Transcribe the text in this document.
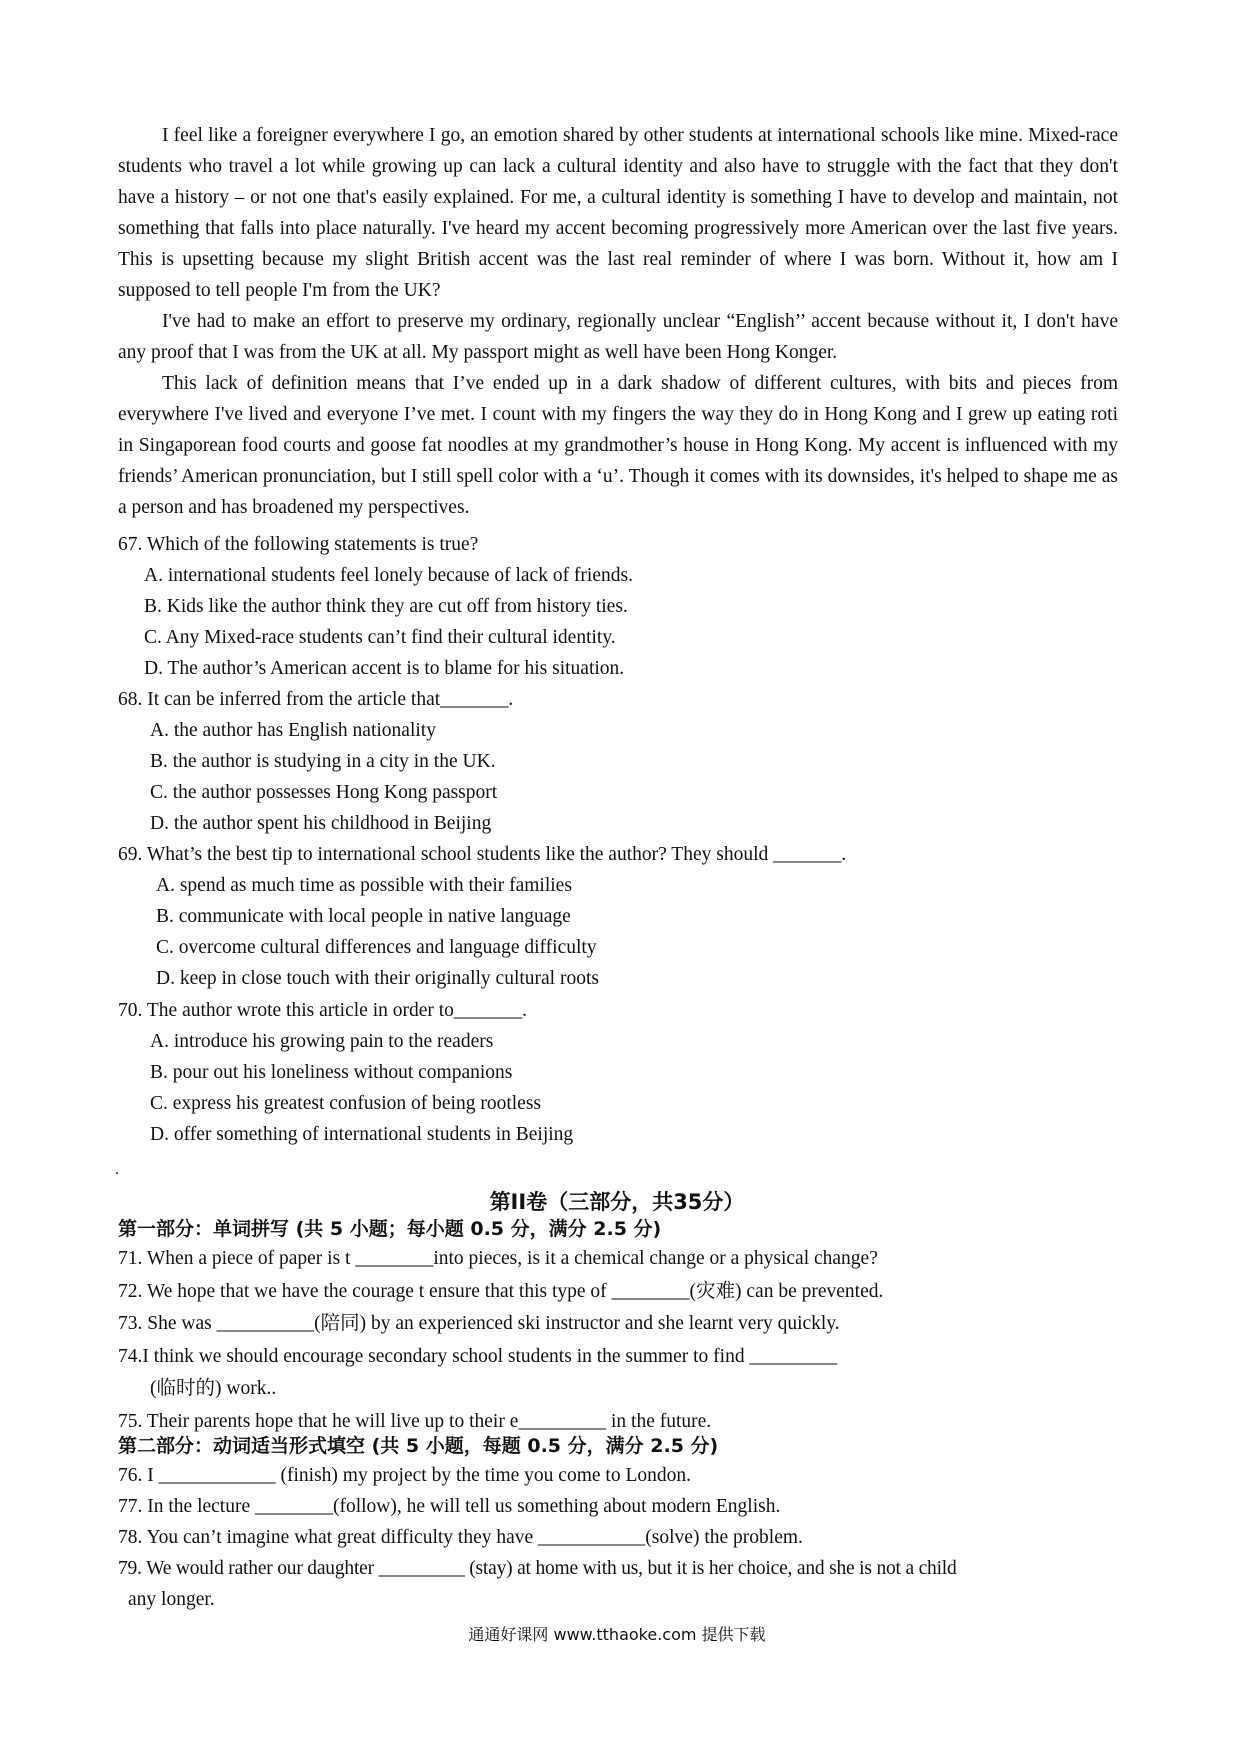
I feel like a foreigner everywhere I go, an emotion shared by other students at international schools like mine. Mixed-race students who travel a lot while growing up can lack a cultural identity and also have to struggle with the fact that they don't have a history – or not one that's easily explained. For me, a cultural identity is something I have to develop and maintain, not something that falls into place naturally. I've heard my accent becoming progressively more American over the last five years. This is upsetting because my slight British accent was the last real reminder of where I was born. Without it, how am I supposed to tell people I'm from the UK?

I've had to make an effort to preserve my ordinary, regionally unclear “English’’ accent because without it, I don't have any proof that I was from the UK at all. My passport might as well have been Hong Konger.

This lack of definition means that I’ve ended up in a dark shadow of different cultures, with bits and pieces from everywhere I've lived and everyone I’ve met. I count with my fingers the way they do in Hong Kong and I grew up eating roti in Singaporean food courts and goose fat noodles at my grandmother’s house in Hong Kong. My accent is influenced with my friends’ American pronunciation, but I still spell color with a ‘u’. Though it comes with its downsides, it's helped to shape me as a person and has broadened my perspectives.

67. Which of the following statements is true?

A. international students feel lonely because of lack of friends.

B. Kids like the author think they are cut off from history ties.

C. Any Mixed-race students can’t find their cultural identity.

D. The author’s American accent is to blame for his situation.

68. It can be inferred from the article that_______.

A. the author has English nationality

B. the author is studying in a city in the UK.

C. the author possesses Hong Kong passport

D. the author spent his childhood in Beijing

69. What’s the best tip to international school students like the author? They should _______.

A. spend as much time as possible with their families

B. communicate with local people in native language

C. overcome cultural differences and language difficulty

D. keep in close touch with their originally cultural roots

70. The author wrote this article in order to_______.

A. introduce his growing pain to the readers

B. pour out his loneliness without companions

C. express his greatest confusion of being rootless

D. offer something of international students in Beijing

第II卷（三部分，共35分）

第一部分：单词拼写 (共 5 小题；每小题 0.5 分，满分 2.5 分)

71. When a piece of paper is t ________into pieces, is it a chemical change or a physical change?

72. We hope that we have the courage t ensure that this type of ________(灾难) can be prevented.

73. She was __________(陪同) by an experienced ski instructor and she learnt very quickly.

74.I think we should encourage secondary school students in the summer to find _________

(临时的) work..

75. Their parents hope that he will live up to their e_________ in the future.

第二部分：动词适当形式填空 (共 5 小题，每题 0.5 分，满分 2.5 分)

76. I ____________ (finish) my project by the time you come to London.

77. In the lecture ________(follow), he will tell us something about modern English.

78. You can’t imagine what great difficulty they have ___________(solve) the problem.

79. We would rather our daughter _________ (stay) at home with us, but it is her choice, and she is not a child

any longer.

通通好课网 www.tthaoke.com 提供下载
